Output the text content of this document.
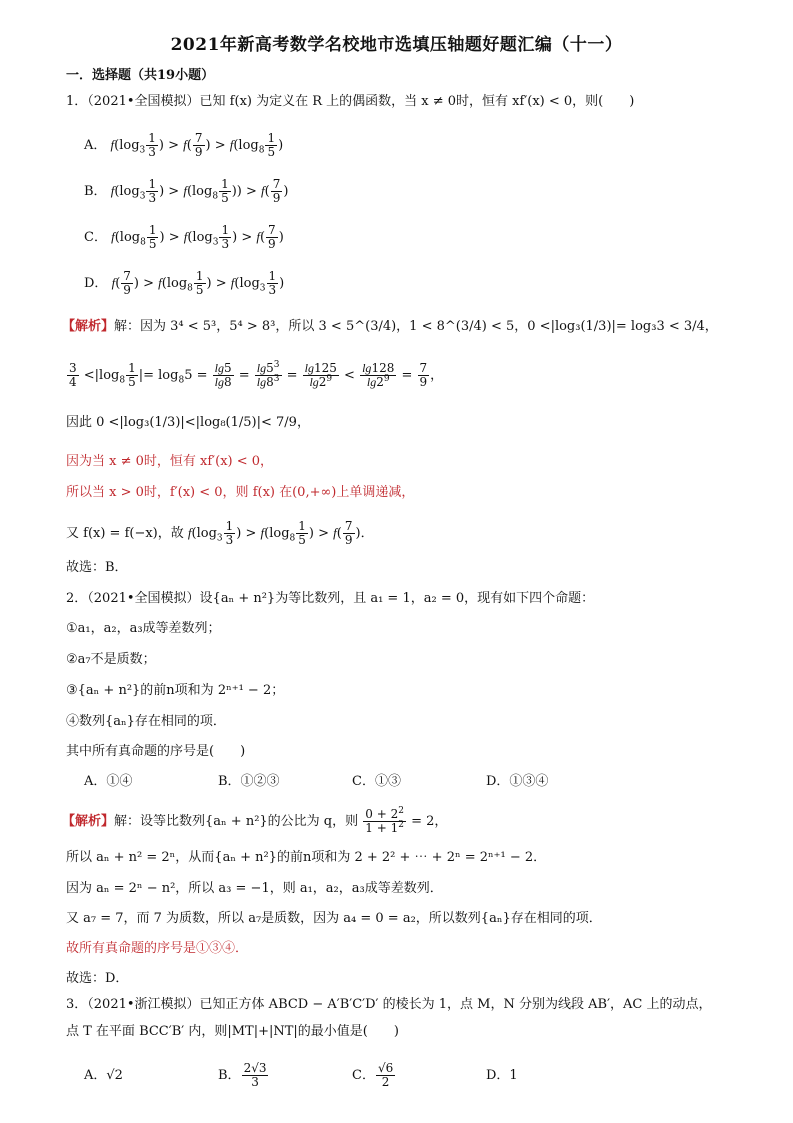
2021年新高考数学名校地市选填压轴题好题汇编（十一）
一．选择题（共19小题）
1．（2021•全国模拟）已知 f(x) 为定义在 R 上的偶函数，当 x ≠ 0时，恒有 xf′(x) < 0，则(　　)
A． $f(\log_3 \frac{1}{3}$ ) > $f( \frac{7}{9}$ ) > $f(\log_8 \frac{1}{5}$ )
B． $f(\log_3 \frac{1}{3}$ ) > $f(\log_8 \frac{1}{5}$ )) > $f( \frac{7}{9}$ )
C． $f(\log_8 \frac{1}{5}$ ) > $f(\log_3 \frac{1}{3}$ ) > $f( \frac{7}{9}$ )
D． $f( \frac{7}{9}$ ) > $f(\log_8 \frac{1}{5}$ ) > $f(\log_3 \frac{1}{3}$ )
【解析】解：因为 3⁴ < 5³，5⁴ > 8³，所以 3 < 5^(3/4)，1 < 8^(3/4) < 5，0 <|log₃(1/3)|= log₃3 < 3/4，
$\frac{3}{4} <|\log_8 \frac{1}{5}$ |= $\log_85 = \frac{\lg 5}{\lg 8} = \frac{\lg 5^3}{\lg 8^3} = \frac{\lg 125}{\lg 2^9} < \frac{\lg 128}{\lg 2^9} = \frac{7}{9}$ ，
因此 0 <|log₃(1/3)|<|log₈(1/5)|< 7/9，
因为当 x ≠ 0时，恒有 xf′(x) < 0，
所以当 x > 0时，f′(x) < 0，则 f(x) 在(0,+∞)上单调递减，
又 f(x) = f(−x)，故 $f(\log_3 \frac{1}{3}$ ) > $f(\log_8 \frac{1}{5}$ ) > $f( \frac{7}{9}$ )．
故选：B．
2．（2021•全国模拟）设{aₙ + n²}为等比数列，且 a₁ = 1，a₂ = 0，现有如下四个命题：
①a₁，a₂，a₃成等差数列；
②a₇不是质数；
③{aₙ + n²}的前n项和为 2ⁿ⁺¹ − 2；
④数列{aₙ}存在相同的项．
其中所有真命题的序号是(　　)
A．①④	B．①②③	C．①③	D．①③④
【解析】解：设等比数列{aₙ + n²}的公比为 q，则 $\frac{0 + 2^2}{1 + 1^2} = 2$，
所以 aₙ + n² = 2ⁿ，从而{aₙ + n²}的前n项和为 2 + 2² + ⋯ + 2ⁿ = 2ⁿ⁺¹ − 2．
因为 aₙ = 2ⁿ − n²，所以 a₃ = −1，则 a₁，a₂，a₃成等差数列．
又 a₇ = 7，而 7 为质数，所以 a₇是质数，因为 a₄ = 0 = a₂，所以数列{aₙ}存在相同的项．
故所有真命题的序号是①③④．
故选：D．
3．（2021•浙江模拟）已知正方体 ABCD − A′B′C′D′ 的棱长为 1，点 M，N 分别为线段 AB′，AC 上的动点，
点 T 在平面 BCC′B′ 内，则|MT|+|NT|的最小值是(　　)
A．√2	B． $\frac{2√3}{3}$	C． $\frac{√6}{2}$	D．1
